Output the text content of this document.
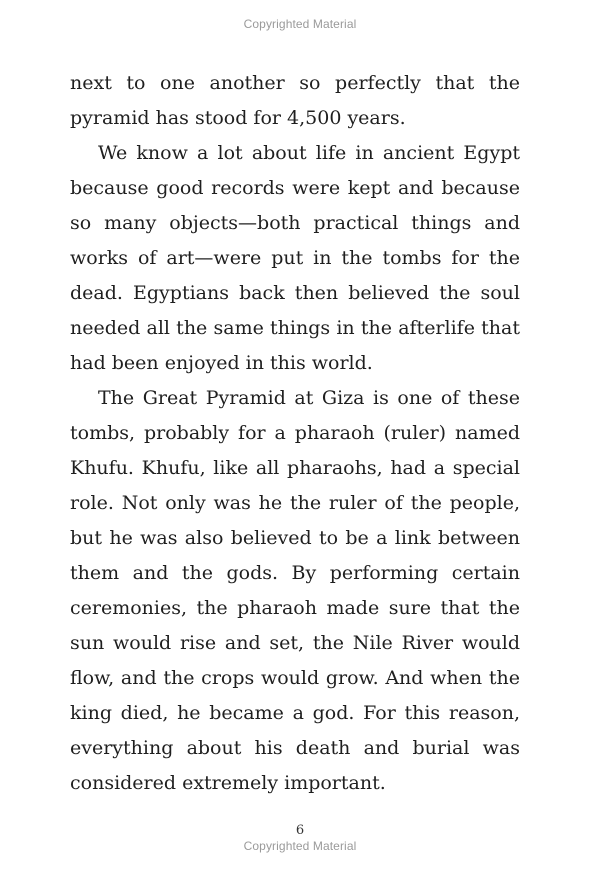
Copyrighted Material

next to one another so perfectly that the pyramid has stood for 4,500 years.

We know a lot about life in ancient Egypt because good records were kept and because so many objects—both practical things and works of art—were put in the tombs for the dead. Egyptians back then believed the soul needed all the same things in the afterlife that had been enjoyed in this world.

The Great Pyramid at Giza is one of these tombs, probably for a pharaoh (ruler) named Khufu. Khufu, like all pharaohs, had a special role. Not only was he the ruler of the people, but he was also believed to be a link between them and the gods. By performing certain ceremonies, the pharaoh made sure that the sun would rise and set, the Nile River would flow, and the crops would grow. And when the king died, he became a god. For this reason, everything about his death and burial was considered extremely important.

6
Copyrighted Material
